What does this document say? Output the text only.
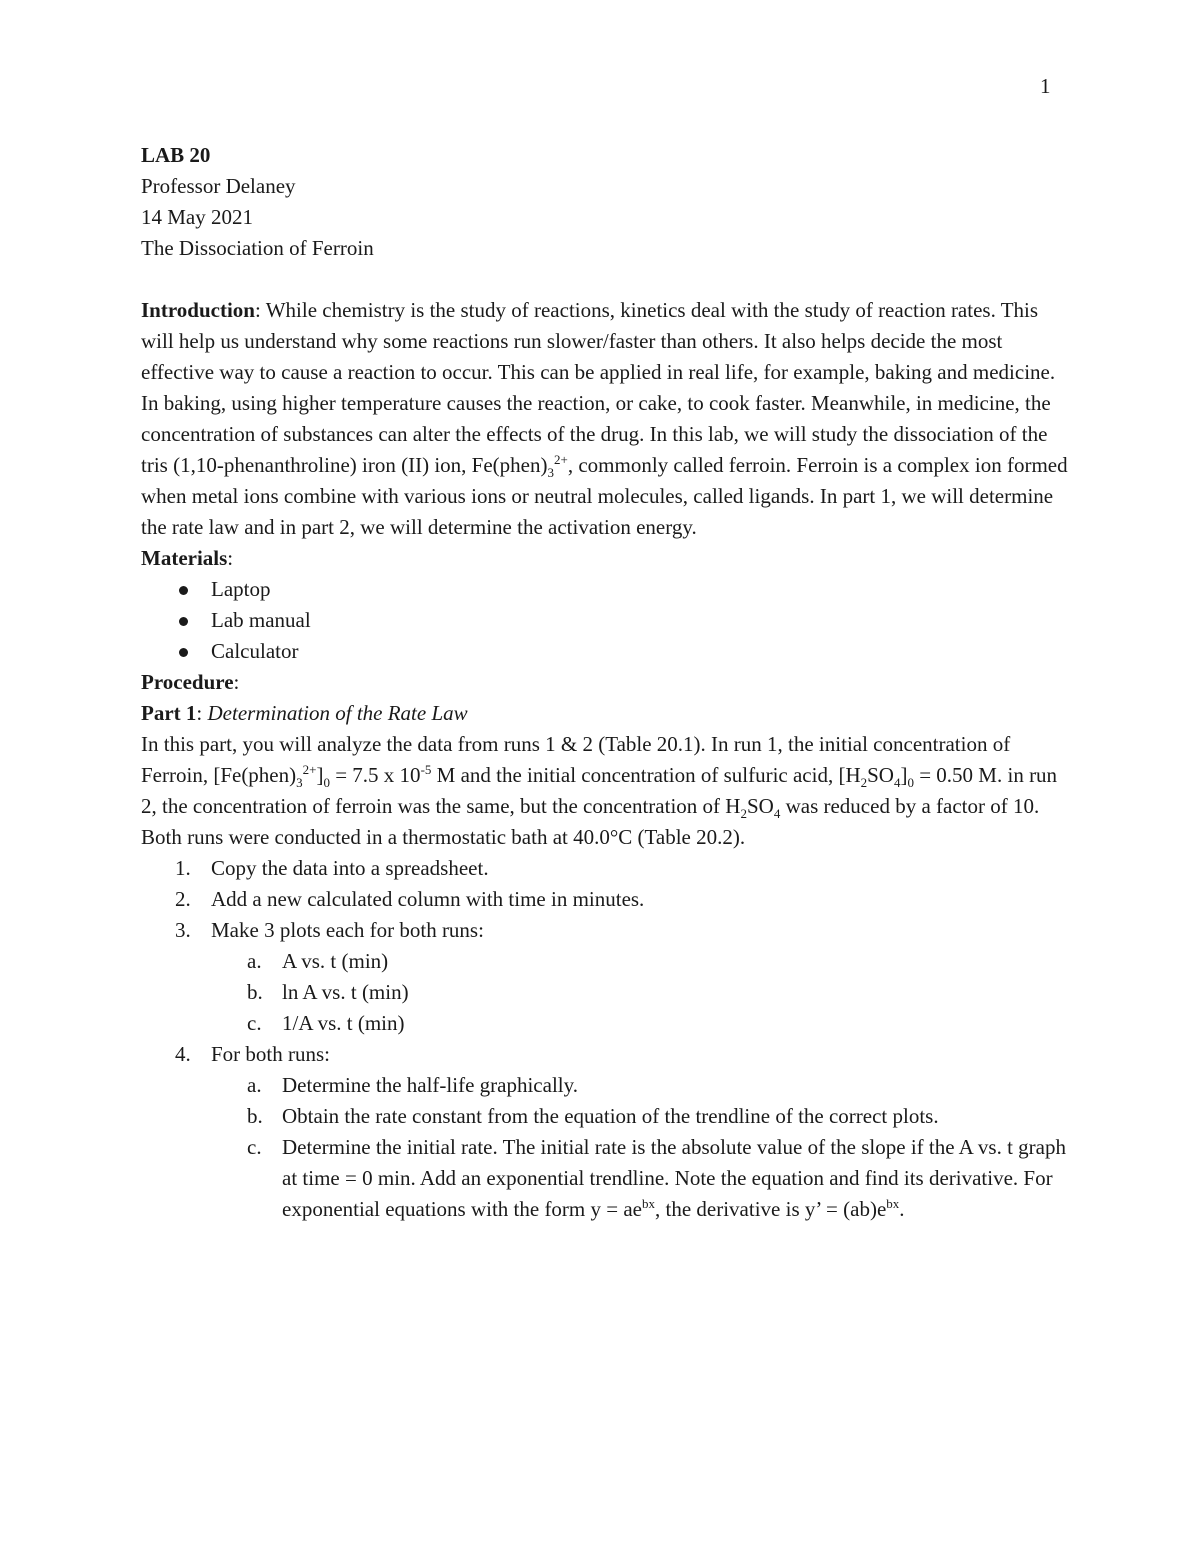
1

LAB 20

Professor Delaney

14 May 2021

The Dissociation of Ferroin

Introduction: While chemistry is the study of reactions, kinetics deal with the study of reaction rates. This will help us understand why some reactions run slower/faster than others. It also helps decide the most effective way to cause a reaction to occur. This can be applied in real life, for example, baking and medicine. In baking, using higher temperature causes the reaction, or cake, to cook faster. Meanwhile, in medicine, the concentration of substances can alter the effects of the drug. In this lab, we will study the dissociation of the tris (1,10-phenanthroline) iron (II) ion, $Fe(phen)_3^{2+}$, commonly called ferroin. Ferroin is a complex ion formed when metal ions combine with various ions or neutral molecules, called ligands. In part 1, we will determine the rate law and in part 2, we will determine the activation energy.

Materials:

Laptop
Lab manual
Calculator

Procedure:

Part 1: Determination of the Rate Law

In this part, you will analyze the data from runs 1 & 2 (Table 20.1). In run 1, the initial concentration of Ferroin, $[Fe(phen)_3^{2+}]_0 = 7.5$ x $10^{-5}$ M and the initial concentration of sulfuric acid, $[H_2SO_4]_0 = 0.50$ M. in run 2, the concentration of ferroin was the same, but the concentration of $H_2SO_4$ was reduced by a factor of 10. Both runs were conducted in a thermostatic bath at 40.0°C (Table 20.2).

1. Copy the data into a spreadsheet.
2. Add a new calculated column with time in minutes.
3. Make 3 plots each for both runs:
a. A vs. t (min)
b. ln A vs. t (min)
c. 1/A vs. t (min)
4. For both runs:
a. Determine the half-life graphically.
b. Obtain the rate constant from the equation of the trendline of the correct plots.
c. Determine the initial rate. The initial rate is the absolute value of the slope if the A vs. t graph at time = 0 min. Add an exponential trendline. Note the equation and find its derivative. For exponential equations with the form $y = ae^{bx}$, the derivative is y’ = $(ab)e^{bx}$.
